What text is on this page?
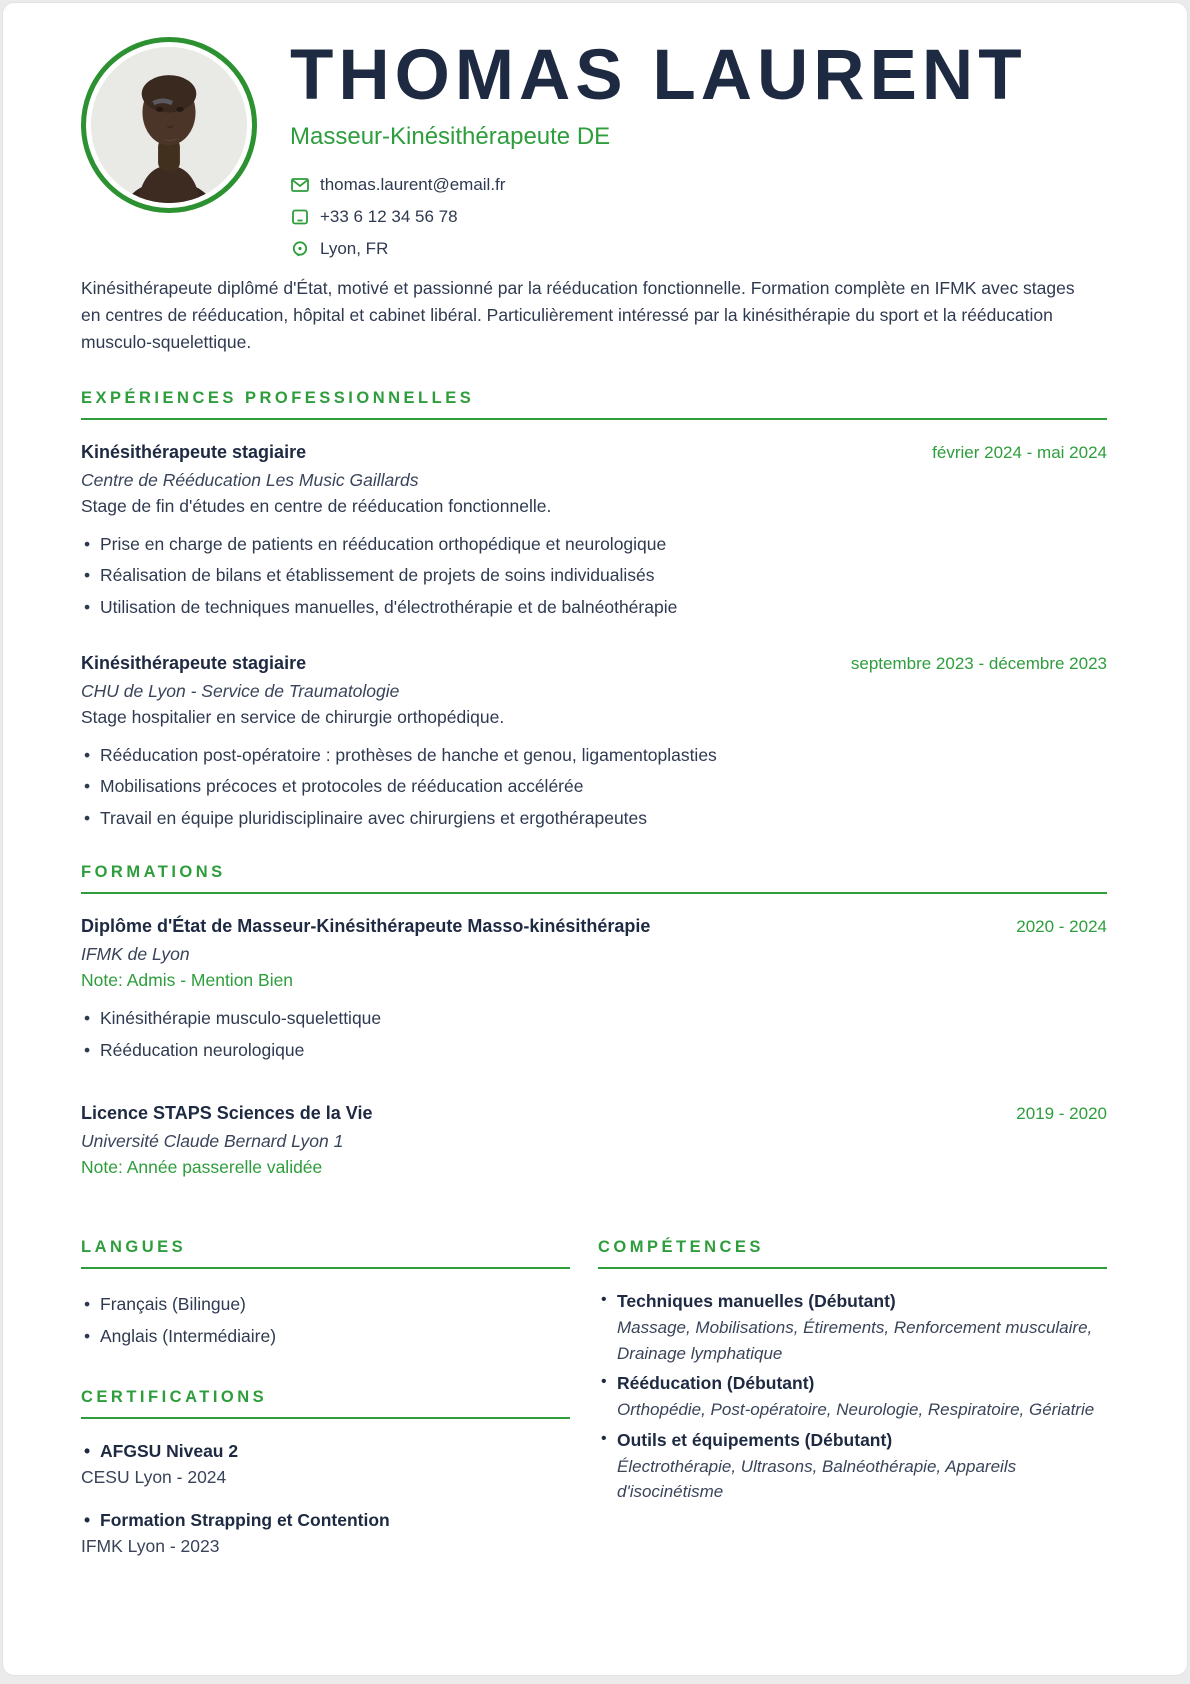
THOMAS LAURENT
Masseur-Kinésithérapeute DE
thomas.laurent@email.fr
+33 6 12 34 56 78
Lyon, FR

Kinésithérapeute diplômé d'État, motivé et passionné par la rééducation fonctionnelle. Formation complète en IFMK avec stages en centres de rééducation, hôpital et cabinet libéral. Particulièrement intéressé par la kinésithérapie du sport et la rééducation musculo-squelettique.

EXPÉRIENCES PROFESSIONNELLES
Kinésithérapeute stagiaire	février 2024 - mai 2024
Centre de Rééducation Les Music Gaillards
Stage de fin d'études en centre de rééducation fonctionnelle.
• Prise en charge de patients en rééducation orthopédique et neurologique
• Réalisation de bilans et établissement de projets de soins individualisés
• Utilisation de techniques manuelles, d'électrothérapie et de balnéothérapie
Kinésithérapeute stagiaire	septembre 2023 - décembre 2023
CHU de Lyon - Service de Traumatologie
Stage hospitalier en service de chirurgie orthopédique.
• Rééducation post-opératoire : prothèses de hanche et genou, ligamentoplasties
• Mobilisations précoces et protocoles de rééducation accélérée
• Travail en équipe pluridisciplinaire avec chirurgiens et ergothérapeutes
FORMATIONS
Diplôme d'État de Masseur-Kinésithérapeute Masso-kinésithérapie	2020 - 2024
IFMK de Lyon
Note: Admis - Mention Bien
• Kinésithérapie musculo-squelettique
• Rééducation neurologique
Licence STAPS Sciences de la Vie	2019 - 2020
Université Claude Bernard Lyon 1
Note: Année passerelle validée
LANGUES
• Français (Bilingue)
• Anglais (Intermédiaire)
CERTIFICATIONS
• AFGSU Niveau 2
CESU Lyon - 2024
• Formation Strapping et Contention
IFMK Lyon - 2023
COMPÉTENCES
• Techniques manuelles (Débutant)
Massage, Mobilisations, Étirements, Renforcement musculaire, Drainage lymphatique
• Rééducation (Débutant)
Orthopédie, Post-opératoire, Neurologie, Respiratoire, Gériatrie
• Outils et équipements (Débutant)
Électrothérapie, Ultrasons, Balnéothérapie, Appareils d'isocinétisme
